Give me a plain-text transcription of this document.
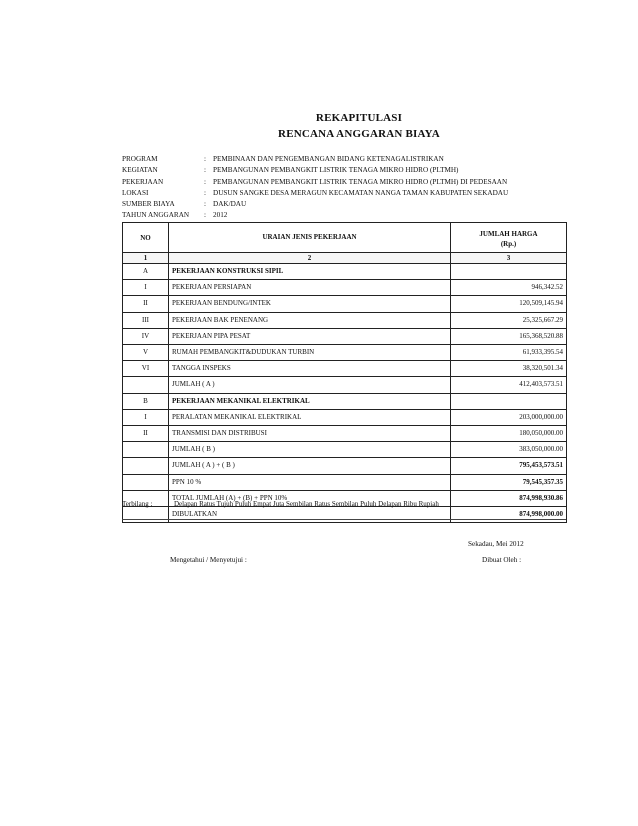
REKAPITULASI
RENCANA ANGGARAN BIAYA
PROGRAM	: PEMBINAAN DAN PENGEMBANGAN BIDANG KETENAGALISTRIKAN
KEGIATAN	: PEMBANGUNAN PEMBANGKIT LISTRIK TENAGA MIKRO HIDRO (PLTMH)
PEKERJAAN	: PEMBANGUNAN PEMBANGKIT LISTRIK TENAGA MIKRO HIDRO (PLTMH) DI PEDESAAN
LOKASI	: DUSUN SANGKE DESA MERAGUN KECAMATAN NANGA TAMAN KABUPATEN SEKADAU
SUMBER BIAYA	: DAK/DAU
TAHUN ANGGARAN	: 2012
NO	URAIAN JENIS PEKERJAAN	JUMLAH HARGA
(Rp.)

1	2	3
A	PEKERJAAN KONSTRUKSI SIPIL	
I	PEKERJAAN PERSIAPAN	946,342.52
II	PEKERJAAN BENDUNG/INTEK	120,509,145.94
III	PEKERJAAN BAK PENENANG	25,325,667.29
IV	PEKERJAAN PIPA PESAT	165,368,520.88
V	RUMAH PEMBANGKIT&DUDUKAN TURBIN	61,933,395.54
VI	TANGGA INSPEKS	38,320,501.34
	JUMLAH ( A )	412,403,573.51
B	PEKERJAAN MEKANIKAL ELEKTRIKAL	
I	PERALATAN MEKANIKAL ELEKTRIKAL	203,000,000.00
II	TRANSMISI DAN DISTRIBUSI	180,050,000.00
	JUMLAH ( B )	383,050,000.00
	JUMLAH ( A ) + ( B )	795,453,573.51
	PPN 10 %	79,545,357.35
	TOTAL JUMLAH (A) + (B) + PPN 10%	874,998,930.86
	DIBULATKAN	874,998,000.00
Terbilang :	Delapan Ratus Tujuh Puluh Empat Juta Sembilan Ratus Sembilan Puluh Delapan Ribu Rupiah
Sekadau, Mei 2012
Mengetahui / Menyetujui :	Dibuat Oleh :
